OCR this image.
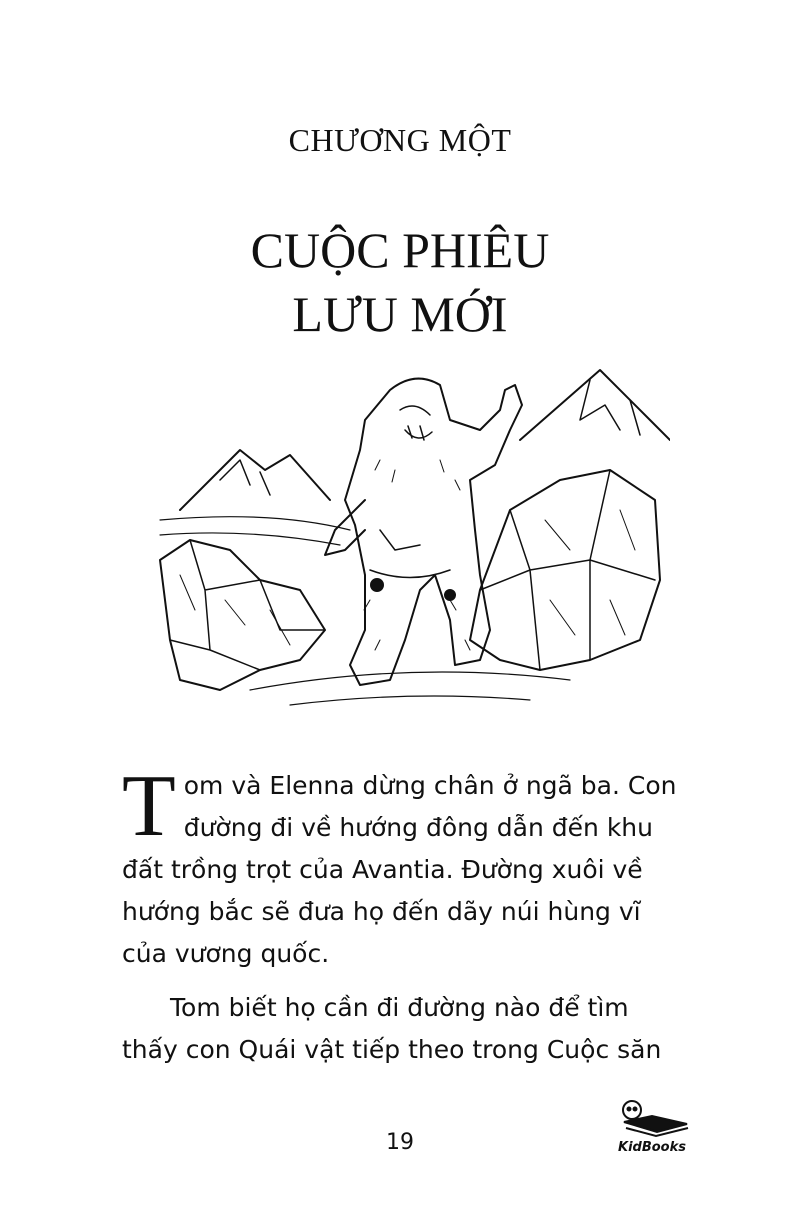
CHƯƠNG MỘT
CUỘC PHIÊU
LƯU MỚI

Tom và Elenna dừng chân ở ngã ba. Con đường đi về hướng đông dẫn đến khu đất trồng trọt của Avantia. Đường xuôi về hướng bắc sẽ đưa họ đến dãy núi hùng vĩ của vương quốc.

Tom biết họ cần đi đường nào để tìm thấy con Quái vật tiếp theo trong Cuộc săn

19	KidBooks
